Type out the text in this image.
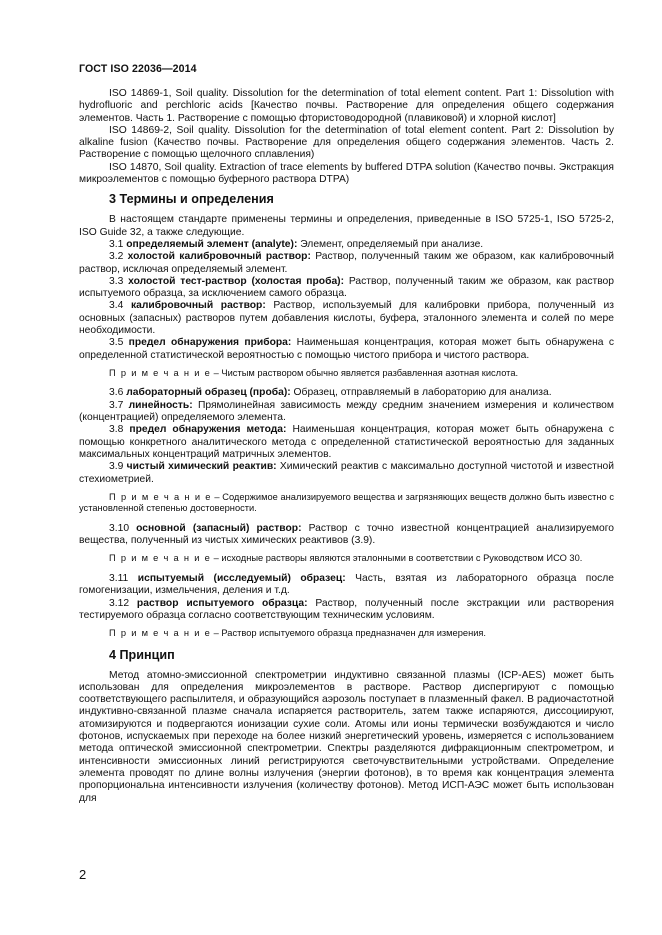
ГОСТ ISO 22036—2014

ISO 14869-1, Soil quality. Dissolution for the determination of total element content. Part 1: Dissolution with hydrofluoric and perchloric acids [Качество почвы. Растворение для определения общего содержания элементов. Часть 1. Растворение с помощью фтористоводородной (плавиковой) и хлорной кислот]

ISO 14869-2, Soil quality. Dissolution for the determination of total element content. Part 2: Dissolution by alkaline fusion (Качество почвы. Растворение для определения общего содержания элементов. Часть 2. Растворение с помощью щелочного сплавления)

ISO 14870, Soil quality. Extraction of trace elements by buffered DTPA solution (Качество почвы. Экстракция микроэлементов с помощью буферного раствора DTPA)

3 Термины и определения

В настоящем стандарте применены термины и определения, приведенные в ISO 5725-1, ISO 5725-2, ISO Guide 32, а также следующие.

3.1 определяемый элемент (analyte): Элемент, определяемый при анализе.

3.2 холостой калибровочный раствор: Раствор, полученный таким же образом, как калибровочный раствор, исключая определяемый элемент.

3.3 холостой тест-раствор (холостая проба): Раствор, полученный таким же образом, как раствор испытуемого образца, за исключением самого образца.

3.4 калибровочный раствор: Раствор, используемый для калибровки прибора, полученный из основных (запасных) растворов путем добавления кислоты, буфера, эталонного элемента и солей по мере необходимости.

3.5 предел обнаружения прибора: Наименьшая концентрация, которая может быть обнаружена с определенной статистической вероятностью с помощью чистого прибора и чистого раствора.

П р и м е ч а н и е – Чистым раствором обычно является разбавленная азотная кислота.

3.6 лабораторный образец (проба): Образец, отправляемый в лабораторию для анализа.

3.7 линейность: Прямолинейная зависимость между средним значением измерения и количеством (концентрацией) определяемого элемента.

3.8 предел обнаружения метода: Наименьшая концентрация, которая может быть обнаружена с помощью конкретного аналитического метода с определенной статистической вероятностью для заданных максимальных концентраций матричных элементов.

3.9 чистый химический реактив: Химический реактив с максимально доступной чистотой и известной стехиометрией.

П р и м е ч а н и е – Содержимое анализируемого вещества и загрязняющих веществ должно быть известно с установленной степенью достоверности.

3.10 основной (запасный) раствор: Раствор с точно известной концентрацией анализируемого вещества, полученный из чистых химических реактивов (3.9).

П р и м е ч а н и е – исходные растворы являются эталонными в соответствии с Руководством ИСО 30.

3.11 испытуемый (исследуемый) образец: Часть, взятая из лабораторного образца после гомогенизации, измельчения, деления и т.д.

3.12 раствор испытуемого образца: Раствор, полученный после экстракции или растворения тестируемого образца согласно соответствующим техническим условиям.

П р и м е ч а н и е – Раствор испытуемого образца предназначен для измерения.

4 Принцип

Метод атомно-эмиссионной спектрометрии индуктивно связанной плазмы (ICP-AES) может быть использован для определения микроэлементов в растворе. Раствор диспергируют с помощью соответствующего распылителя, и образующийся аэрозоль поступает в плазменный факел. В радиочастотной индуктивно-связанной плазме сначала испаряется растворитель, затем также испаряются, диссоциируют, атомизируются и подвергаются ионизации сухие соли. Атомы или ионы термически возбуждаются и число фотонов, испускаемых при переходе на более низкий энергетический уровень, измеряется с использованием метода оптической эмиссионной спектрометрии. Спектры разделяются дифракционным спектрометром, и интенсивности эмиссионных линий регистрируются светочувствительными устройствами. Определение элемента проводят по длине волны излучения (энергии фотонов), в то время как концентрация элемента пропорциональна интенсивности излучения (количеству фотонов). Метод ИСП-АЭС может быть использован для

2
